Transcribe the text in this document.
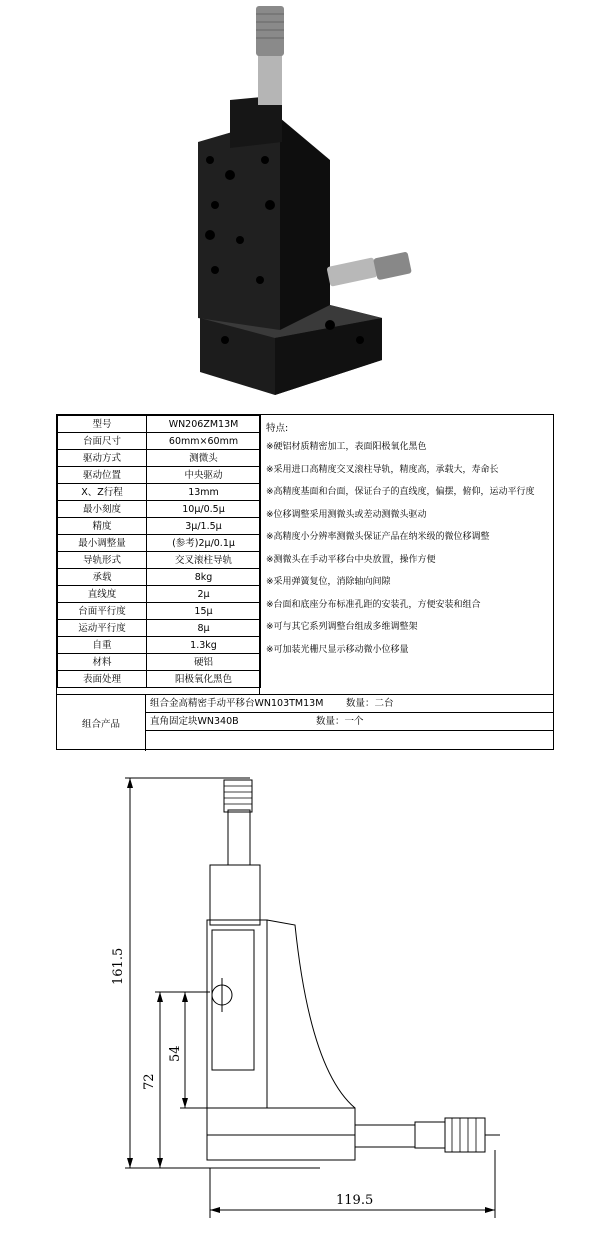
型号	WN206ZM13M
台面尺寸	60mm×60mm
驱动方式	测微头
驱动位置	中央驱动
X、Z行程	13mm
最小刻度	10μ/0.5μ
精度	3μ/1.5μ
最小调整量	(参考)2μ/0.1μ
导轨形式	交叉滚柱导轨
承载	8kg
直线度	2μ
台面平行度	15μ
运动平行度	8μ
自重	1.3kg
材料	硬铝
表面处理	阳极氧化黑色
特点:
※硬铝材质精密加工，表面阳极氧化黑色
※采用进口高精度交叉滚柱导轨，精度高，承载大，寿命长
※高精度基面和台面，保证台子的直线度，偏摆，俯仰，运动平行度
※位移调整采用测微头或差动测微头驱动
※高精度小分辨率测微头保证产品在纳米级的微位移调整
※测微头在手动平移台中央放置，操作方便
※采用弹簧复位，消除轴向间隙
※台面和底座分布标准孔距的安装孔，方便安装和组合
※可与其它系列调整台组成多维调整架
※可加装光栅尺显示移动微小位移量
组合产品
组合金高精密手动平移台WN103TM13M 数量：二台
直角固定块WN340B	数量：一个
161.5
72
54
119.5
